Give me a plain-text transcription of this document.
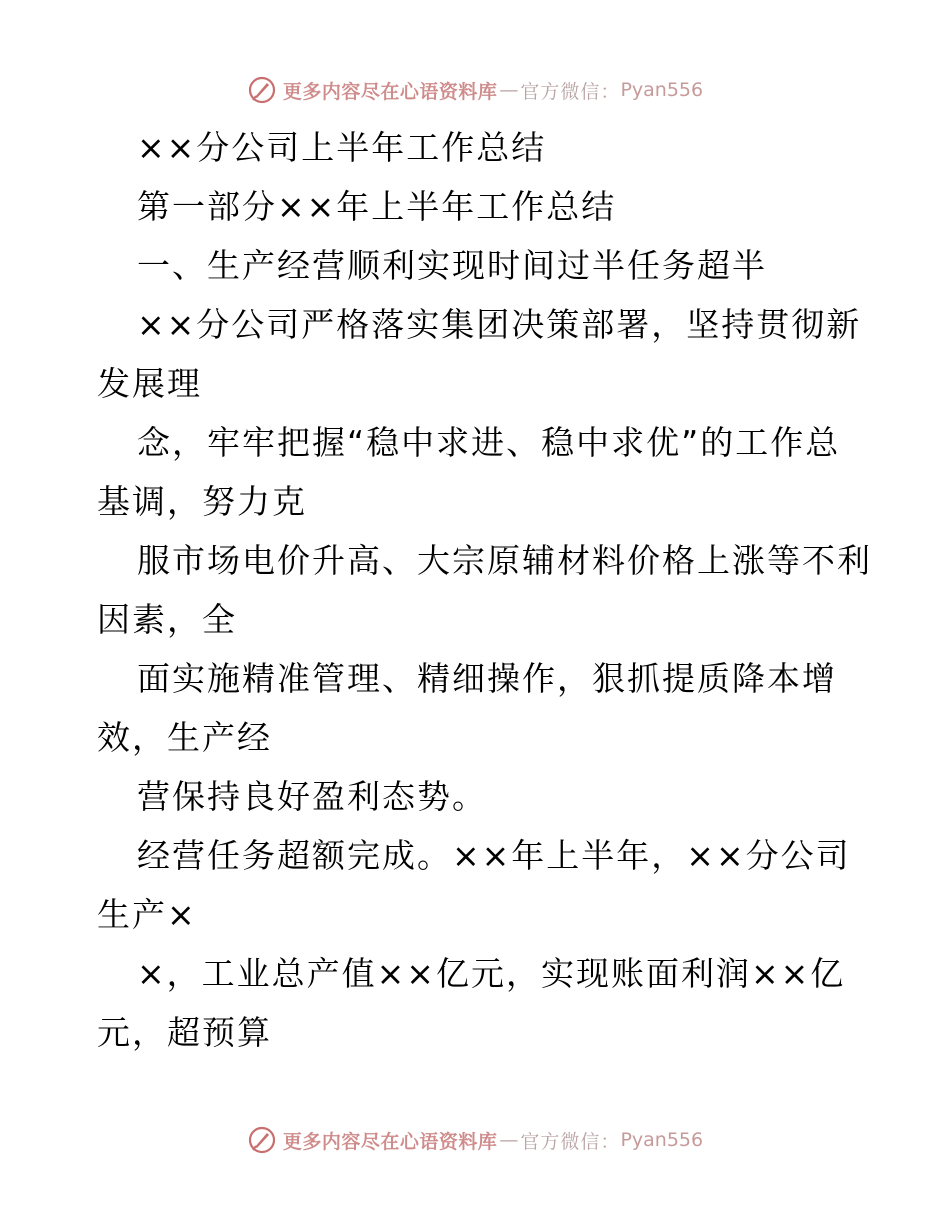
更多内容尽在心语资料库 — 官方微信： Pyan556
××分公司上半年工作总结
第一部分××年上半年工作总结
一、生产经营顺利实现时间过半任务超半
××分公司严格落实集团决策部署，坚持贯彻新
发展理
念，牢牢把握“稳中求进、稳中求优”的工作总
基调，努力克
服市场电价升高、大宗原辅材料价格上涨等不利
因素，全
面实施精准管理、精细操作，狠抓提质降本增
效，生产经
营保持良好盈利态势。
经营任务超额完成。××年上半年，××分公司
生产×
×，工业总产值××亿元，实现账面利润××亿
元，超预算
更多内容尽在心语资料库 — 官方微信： Pyan556
